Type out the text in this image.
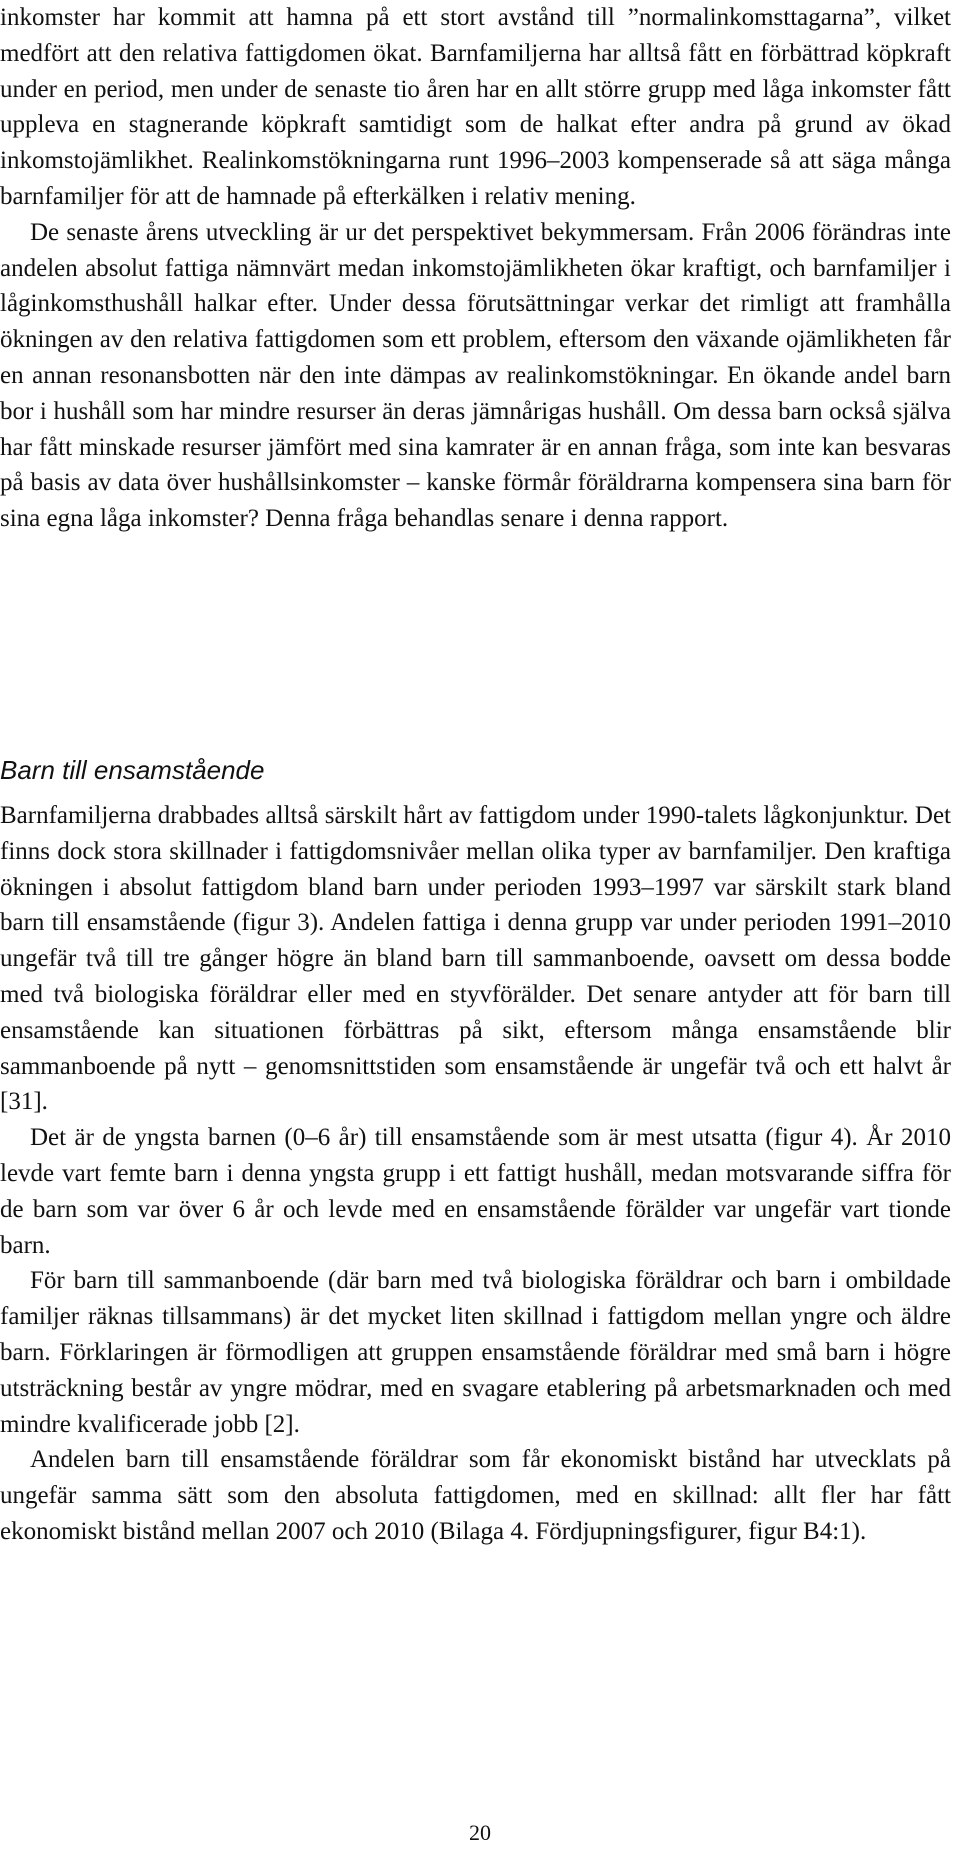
inkomster har kommit att hamna på ett stort avstånd till ”normalinkomsttagarna”, vilket medfört att den relativa fattigdomen ökat. Barnfamiljerna har alltså fått en förbättrad köpkraft under en period, men under de senaste tio åren har en allt större grupp med låga inkomster fått uppleva en stagnerande köpkraft samtidigt som de halkat efter andra på grund av ökad inkomstojämlikhet. Realinkomstökningarna runt 1996–2003 kompenserade så att säga många barnfamiljer för att de hamnade på efterkälken i relativ mening.

De senaste årens utveckling är ur det perspektivet bekymmersam. Från 2006 förändras inte andelen absolut fattiga nämnvärt medan inkomstojämlikheten ökar kraftigt, och barnfamiljer i låginkomsthushåll halkar efter. Under dessa förutsättningar verkar det rimligt att framhålla ökningen av den relativa fattigdomen som ett problem, eftersom den växande ojämlikheten får en annan resonansbotten när den inte dämpas av realinkomstökningar. En ökande andel barn bor i hushåll som har mindre resurser än deras jämnårigas hushåll. Om dessa barn också själva har fått minskade resurser jämfört med sina kamrater är en annan fråga, som inte kan besvaras på basis av data över hushållsinkomster – kanske förmår föräldrarna kompensera sina barn för sina egna låga inkomster? Denna fråga behandlas senare i denna rapport.

Barn till ensamstående

Barnfamiljerna drabbades alltså särskilt hårt av fattigdom under 1990-talets lågkonjunktur. Det finns dock stora skillnader i fattigdomsnivåer mellan olika typer av barnfamiljer. Den kraftiga ökningen i absolut fattigdom bland barn under perioden 1993–1997 var särskilt stark bland barn till ensamstående (figur 3). Andelen fattiga i denna grupp var under perioden 1991–2010 ungefär två till tre gånger högre än bland barn till sammanboende, oavsett om dessa bodde med två biologiska föräldrar eller med en styvförälder. Det senare antyder att för barn till ensamstående kan situationen förbättras på sikt, eftersom många ensamstående blir sammanboende på nytt – genomsnittstiden som ensamstående är ungefär två och ett halvt år [31].

Det är de yngsta barnen (0–6 år) till ensamstående som är mest utsatta (figur 4). År 2010 levde vart femte barn i denna yngsta grupp i ett fattigt hushåll, medan motsvarande siffra för de barn som var över 6 år och levde med en ensamstående förälder var ungefär vart tionde barn.

För barn till sammanboende (där barn med två biologiska föräldrar och barn i ombildade familjer räknas tillsammans) är det mycket liten skillnad i fattigdom mellan yngre och äldre barn. Förklaringen är förmodligen att gruppen ensamstående föräldrar med små barn i högre utsträckning består av yngre mödrar, med en svagare etablering på arbetsmarknaden och med mindre kvalificerade jobb [2].

Andelen barn till ensamstående föräldrar som får ekonomiskt bistånd har utvecklats på ungefär samma sätt som den absoluta fattigdomen, med en skillnad: allt fler har fått ekonomiskt bistånd mellan 2007 och 2010 (Bilaga 4. Fördjupningsfigurer, figur B4:1).

20
